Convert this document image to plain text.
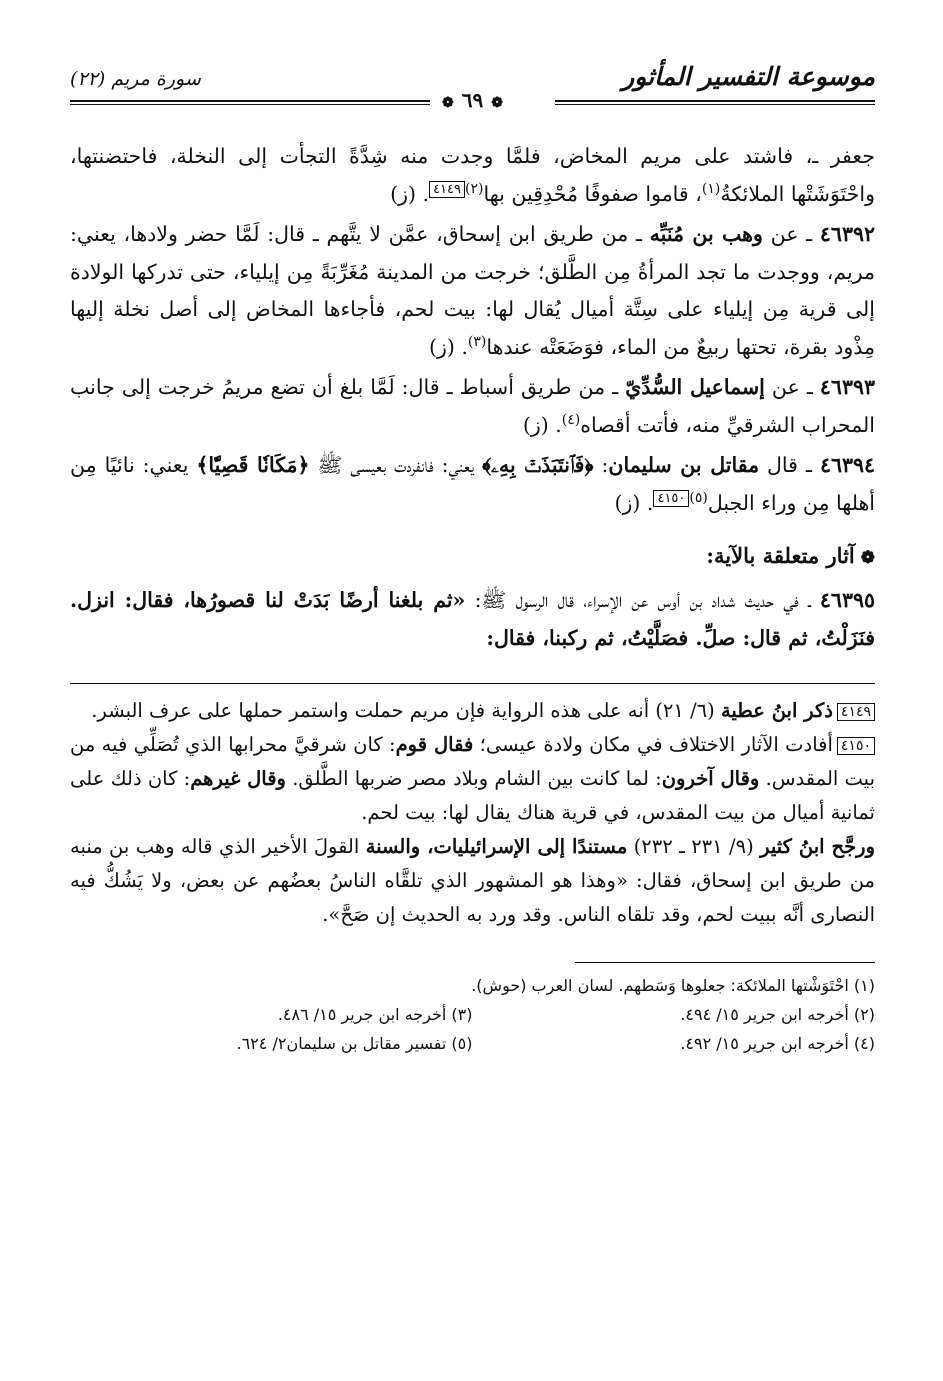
موسوعة التفسير المأثور
❁٦٩❁
سورة مريم (٢٢)

جعفر ـ، فاشتد على مريم المخاض، فلمَّا وجدت منه شِدَّةً التجأت إلى النخلة، فاحتضنتها، واحْتَوَشَتْها الملائكةُ$^{(١)}$، قاموا صفوفًا مُحْدِقِين بها$^{(٢)}$٤١٤٩. (ز)

٤٦٣٩٢ ـ عن وهب بن مُنَبِّه ـ من طريق ابن إسحاق، عمَّن لا يتَّهم ـ قال: لَمَّا حضر ولادها، يعني: مريم، ووجدت ما تجد المرأةُ مِن الطَّلق؛ خرجت من المدينة مُغَرِّبَةً مِن إيلياء، حتى تدركها الولادة إلى قرية مِن إيلياء على سِتَّة أميال يُقال لها: بيت لحم، فأجاءها المخاض إلى أصل نخلة إليها مِذْود بقرة، تحتها ربيعٌ من الماء، فوَضَعَتْه عندها$^{(٣)}$. (ز)

٤٦٣٩٣ ـ عن إسماعيل السُّدِّيّ ـ من طريق أسباط ـ قال: لَمَّا بلغ أن تضع مريمُ خرجت إلى جانب المحراب الشرقيِّ منه، فأتت أقصاه$^{(٤)}$. (ز)

٤٦٣٩٤ ـ قال مقاتل بن سليمان: ﴿فَٱنتَبَذَتۡ بِهِۦ﴾ يعني: فانفردت بعيسى ﷺ ﴿مَكَانٗا قَصِيّٗا﴾ يعني: نائيًا مِن أهلها مِن وراء الجبل$^{(٥)}$٤١٥٠. (ز)

❁آثار متعلقة بالآية:

٤٦٣٩٥ ـ في حديث شداد بن أوس عن الإسراء، قال الرسول ﷺ: «ثم بلغنا أرضًا بَدَتْ لنا قصورُها، فقال: انزل. فنَزَلْتُ، ثم قال: صلِّ. فصَلَّيْتُ، ثم ركبنا، فقال:

٤١٤٩ذكر ابنُ عطية (٦/ ٢١) أنه على هذه الرواية فإن مريم حملت واستمر حملها على عرف البشر.

٤١٥٠أفادت الآثار الاختلاف في مكان ولادة عيسى؛ فقال قوم: كان شرقيَّ محرابها الذي تُصَلِّي فيه من بيت المقدس. وقال آخرون: لما كانت بين الشام وبلاد مصر ضربها الطَّلق. وقال غيرهم: كان ذلك على ثمانية أميال من بيت المقدس، في قرية هناك يقال لها: بيت لحم.

ورجَّح ابنُ كثير (٩/ ٢٣١ ـ ٢٣٢) مستندًا إلى الإسرائيليات، والسنة القولَ الأخير الذي قاله وهب بن منبه من طريق ابن إسحاق، فقال: «وهذا هو المشهور الذي تلقَّاه الناسُ بعضُهم عن بعض، ولا يَشُكُّ فيه النصارى أنَّه ببيت لحم، وقد تلقاه الناس. وقد ورد به الحديث إن صَحَّ».

(١) احْتَوَشْتها الملائكة: جعلوها وَسَطهم. لسان العرب (حوش).
(٢) أخرجه ابن جرير ١٥/ ٤٩٤.
(٣) أخرجه ابن جرير ١٥/ ٤٨٦.
(٤) أخرجه ابن جرير ١٥/ ٤٩٢.
(٥) تفسير مقاتل بن سليمان٢/ ٦٢٤.
